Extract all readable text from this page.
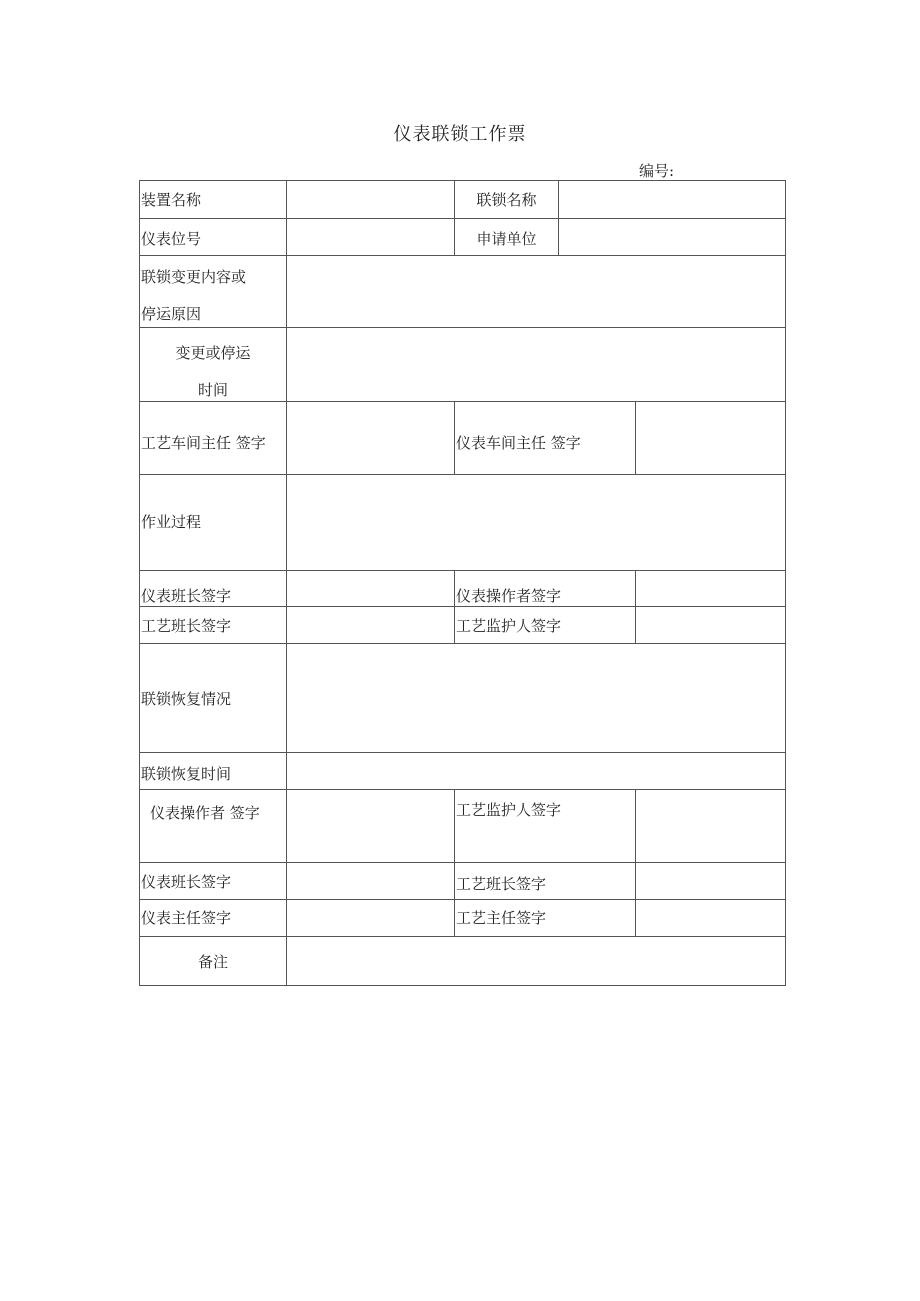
仪表联锁工作票
编号:
装置名称	联锁名称
仪表位号	申请单位
联锁变更内容或
停运原因
变更或停运
时间
工艺车间主任 签字	仪表车间主任 签字
作业过程
仪表班长签字	仪表操作者签字
工艺班长签字	工艺监护人签字
联锁恢复情况
联锁恢复时间
仪表操作者 签字	工艺监护人签字
仪表班长签字	工艺班长签字
仪表主任签字	工艺主任签字
备注
